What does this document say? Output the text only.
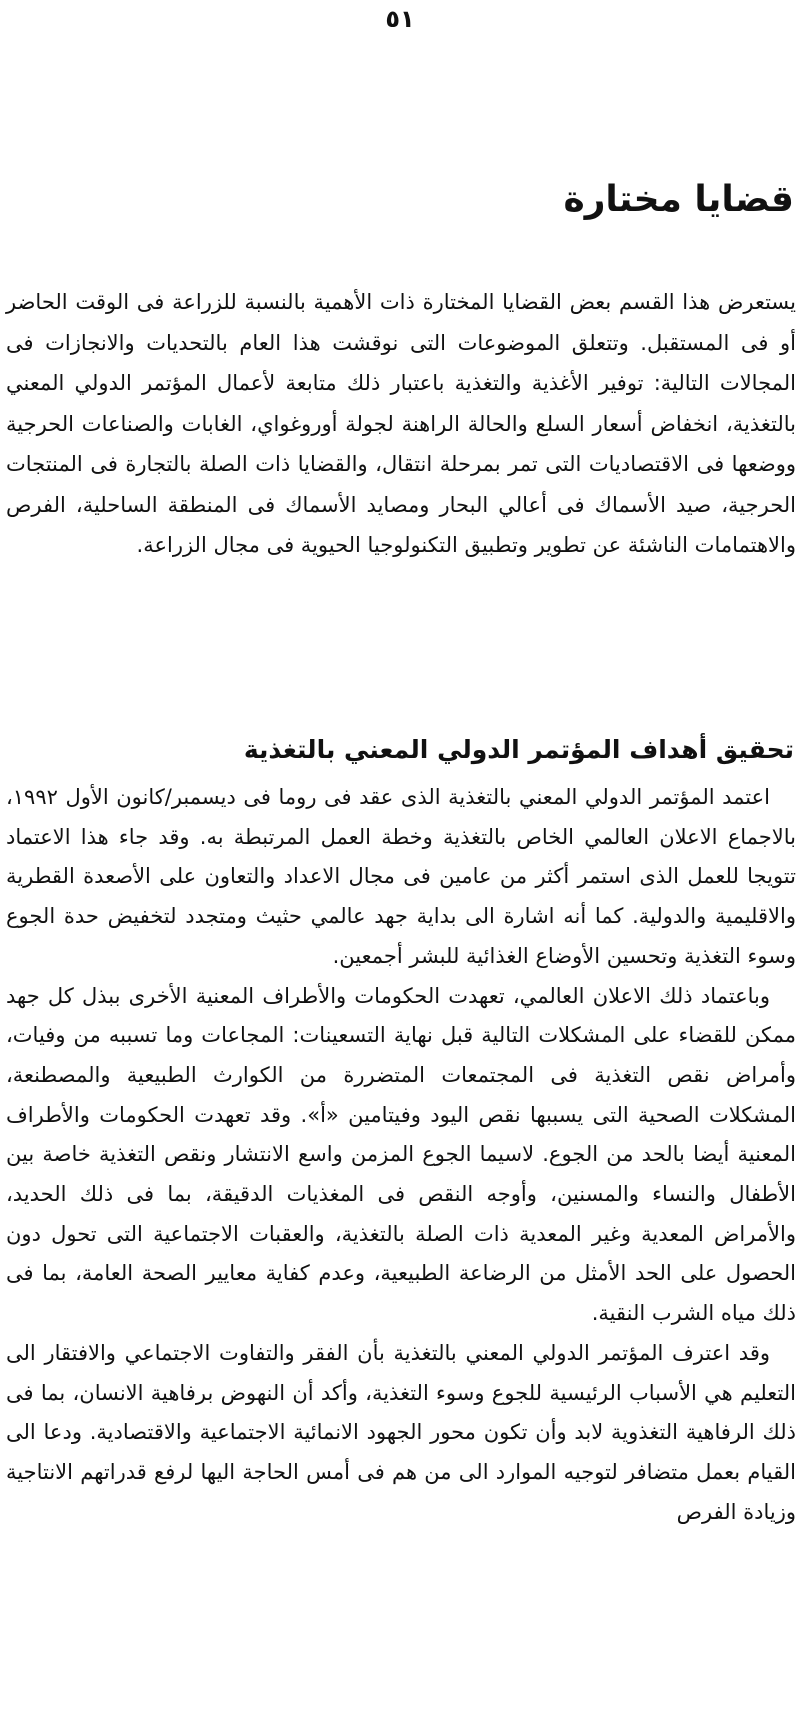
٥١
قضايا مختارة

يستعرض هذا القسم بعض القضايا المختارة ذات الأهمية بالنسبة للزراعة فى الوقت الحاضر أو فى المستقبل. وتتعلق الموضوعات التى نوقشت هذا العام بالتحديات والانجازات فى المجالات التالية: توفير الأغذية والتغذية باعتبار ذلك متابعة لأعمال المؤتمر الدولي المعني بالتغذية، انخفاض أسعار السلع والحالة الراهنة لجولة أوروغواي، الغابات والصناعات الحرجية ووضعها فى الاقتصاديات التى تمر بمرحلة انتقال، والقضايا ذات الصلة بالتجارة فى المنتجات الحرجية، صيد الأسماك فى أعالي البحار ومصايد الأسماك فى المنطقة الساحلية، الفرص والاهتمامات الناشئة عن تطوير وتطبيق التكنولوجيا الحيوية فى مجال الزراعة.

تحقيق أهداف المؤتمر الدولي المعني بالتغذية

اعتمد المؤتمر الدولي المعني بالتغذية الذى عقد فى روما فى ديسمبر/كانون الأول ١٩٩٢، بالاجماع الاعلان العالمي الخاص بالتغذية وخطة العمل المرتبطة به. وقد جاء هذا الاعتماد تتويجا للعمل الذى استمر أكثر من عامين فى مجال الاعداد والتعاون على الأصعدة القطرية والاقليمية والدولية. كما أنه اشارة الى بداية جهد عالمي حثيث ومتجدد لتخفيض حدة الجوع وسوء التغذية وتحسين الأوضاع الغذائية للبشر أجمعين.

وباعتماد ذلك الاعلان العالمي، تعهدت الحكومات والأطراف المعنية الأخرى ببذل كل جهد ممكن للقضاء على المشكلات التالية قبل نهاية التسعينات: المجاعات وما تسببه من وفيات، وأمراض نقص التغذية فى المجتمعات المتضررة من الكوارث الطبيعية والمصطنعة، المشكلات الصحية التى يسببها نقص اليود وفيتامين «أ». وقد تعهدت الحكومات والأطراف المعنية أيضا بالحد من الجوع. لاسيما الجوع المزمن واسع الانتشار ونقص التغذية خاصة بين الأطفال والنساء والمسنين، وأوجه النقص فى المغذيات الدقيقة، بما فى ذلك الحديد، والأمراض المعدية وغير المعدية ذات الصلة بالتغذية، والعقبات الاجتماعية التى تحول دون الحصول على الحد الأمثل من الرضاعة الطبيعية، وعدم كفاية معايير الصحة العامة، بما فى ذلك مياه الشرب النقية.

وقد اعترف المؤتمر الدولي المعني بالتغذية بأن الفقر والتفاوت الاجتماعي والافتقار الى التعليم هي الأسباب الرئيسية للجوع وسوء التغذية، وأكد أن النهوض برفاهية الانسان، بما فى ذلك الرفاهية التغذوية لابد وأن تكون محور الجهود الانمائية الاجتماعية والاقتصادية. ودعا الى القيام بعمل متضافر لتوجيه الموارد الى من هم فى أمس الحاجة اليها لرفع قدراتهم الانتاجية وزيادة الفرص
